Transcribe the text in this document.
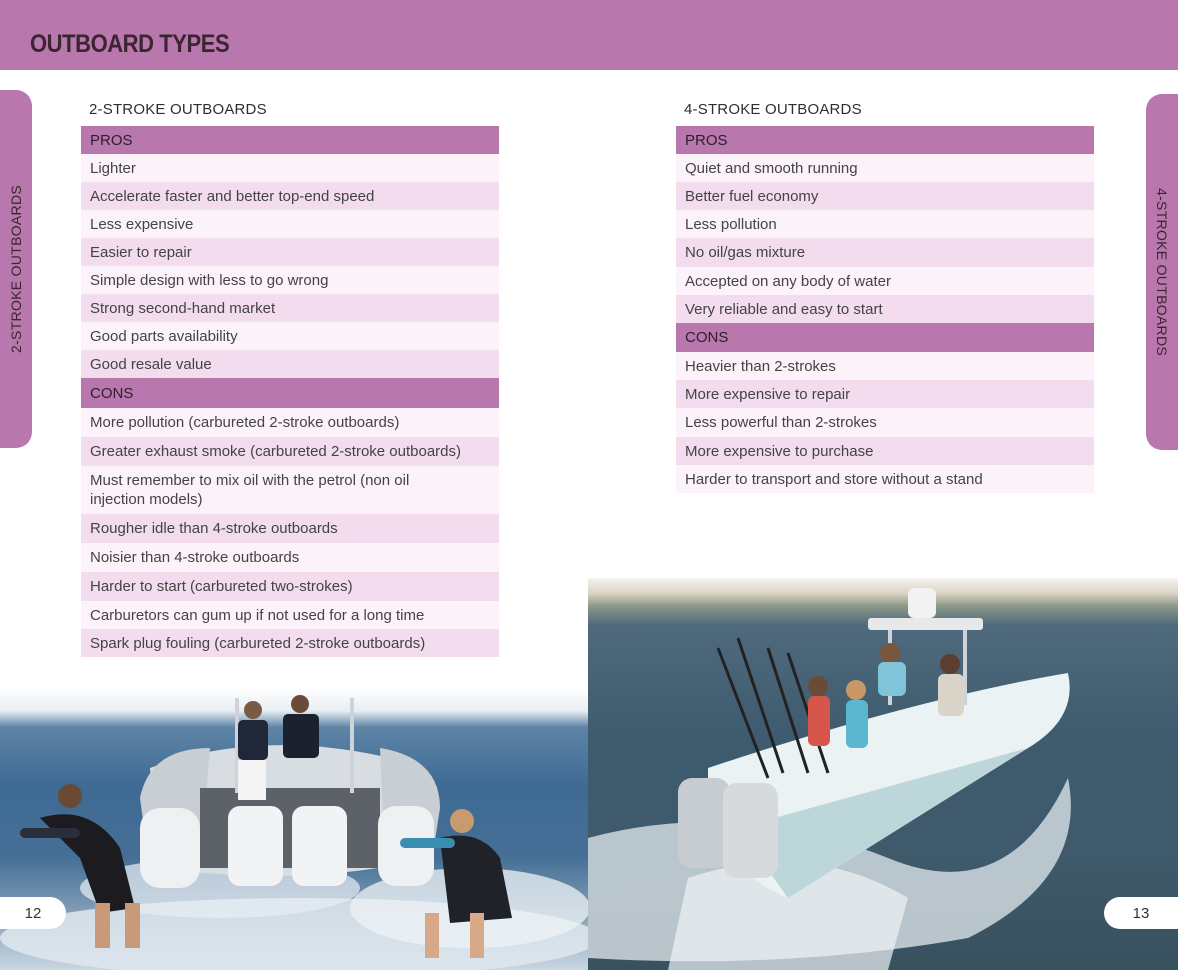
OUTBOARD TYPES
2-STROKE OUTBOARDS	4-STROKE OUTBOARDS
2-STROKE OUTBOARDS
PROS
Lighter
Accelerate faster and better top-end speed
Less expensive
Easier to repair
Simple design with less to go wrong
Strong second-hand market
Good parts availability
Good resale value
CONS
More pollution (carbureted 2-stroke outboards)
Greater exhaust smoke (carbureted 2-stroke outboards)
Must remember to mix oil with the petrol (non oil injection models)
Rougher idle than 4-stroke outboards
Noisier than 4-stroke outboards
Harder to start (carbureted two-strokes)
Carburetors can gum up if not used for a long time
Spark plug fouling (carbureted 2-stroke outboards)
4-STROKE OUTBOARDS
PROS
Quiet and smooth running
Better fuel economy
Less pollution
No oil/gas mixture
Accepted on any body of water
Very reliable and easy to start
CONS
Heavier than 2-strokes
More expensive to repair
Less powerful than 2-strokes
More expensive to purchase
Harder to transport and store without a stand
12	13
